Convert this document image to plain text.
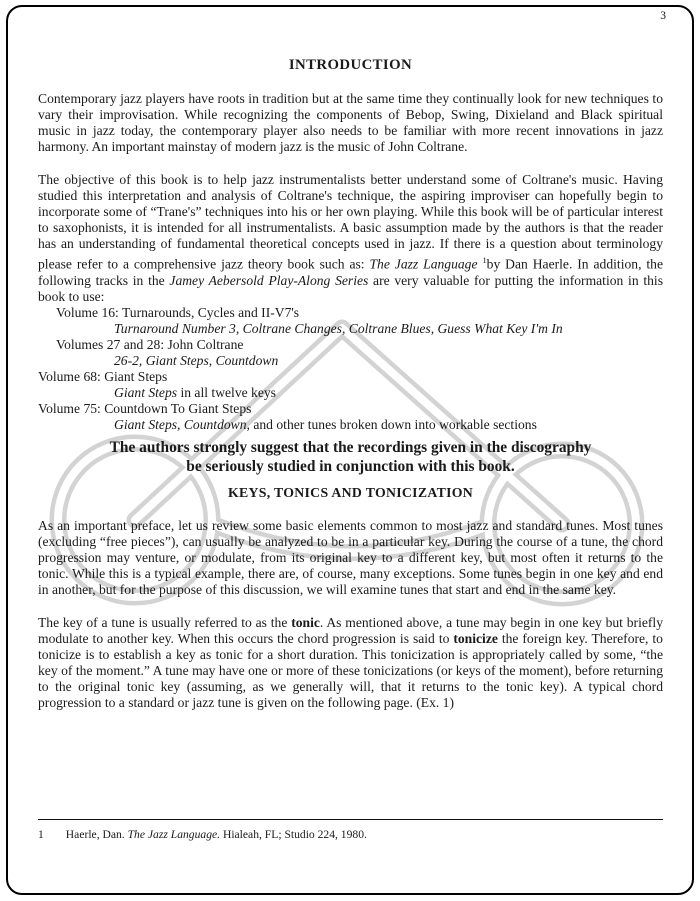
3
INTRODUCTION

Contemporary jazz players have roots in tradition but at the same time they continually look for new techniques to vary their improvisation. While recognizing the components of Bebop, Swing, Dixieland and Black spiritual music in jazz today, the contemporary player also needs to be familiar with more recent innovations in jazz harmony. An important mainstay of modern jazz is the music of John Coltrane.

The objective of this book is to help jazz instrumentalists better understand some of Coltrane's music. Having studied this interpretation and analysis of Coltrane's technique, the aspiring improviser can hopefully begin to incorporate some of “Trane's” techniques into his or her own playing. While this book will be of particular interest to saxophonists, it is intended for all instrumentalists. A basic assumption made by the authors is that the reader has an understanding of fundamental theoretical concepts used in jazz. If there is a question about terminology please refer to a comprehensive jazz theory book such as: The Jazz Language $^1$by Dan Haerle. In addition, the following tracks in the Jamey Aebersold Play-Along Series are very valuable for putting the information in this book to use:

Volume 16: Turnarounds, Cycles and II-V7's
Turnaround Number 3, Coltrane Changes, Coltrane Blues, Guess What Key I'm In
Volumes 27 and 28: John Coltrane
26-2, Giant Steps, Countdown
Volume 68: Giant Steps
Giant Steps in all twelve keys
Volume 75: Countdown To Giant Steps
Giant Steps, Countdown, and other tunes broken down into workable sections
The authors strongly suggest that the recordings given in the discography
be seriously studied in conjunction with this book.
KEYS, TONICS AND TONICIZATION

As an important preface, let us review some basic elements common to most jazz and standard tunes. Most tunes (excluding “free pieces”), can usually be analyzed to be in a particular key. During the course of a tune, the chord progression may venture, or modulate, from its original key to a different key, but most often it returns to the tonic. While this is a typical example, there are, of course, many exceptions. Some tunes begin in one key and end in another, but for the purpose of this discussion, we will examine tunes that start and end in the same key.

The key of a tune is usually referred to as the tonic. As mentioned above, a tune may begin in one key but briefly modulate to another key. When this occurs the chord progression is said to tonicize the foreign key. Therefore, to tonicize is to establish a key as tonic for a short duration. This tonicization is appropriately called by some, “the key of the moment.” A tune may have one or more of these tonicizations (or keys of the moment), before returning to the original tonic key (assuming, as we generally will, that it returns to the tonic key). A typical chord progression to a standard or jazz tune is given on the following page. (Ex. 1)

1 Haerle, Dan. The Jazz Language. Hialeah, FL; Studio 224, 1980.
